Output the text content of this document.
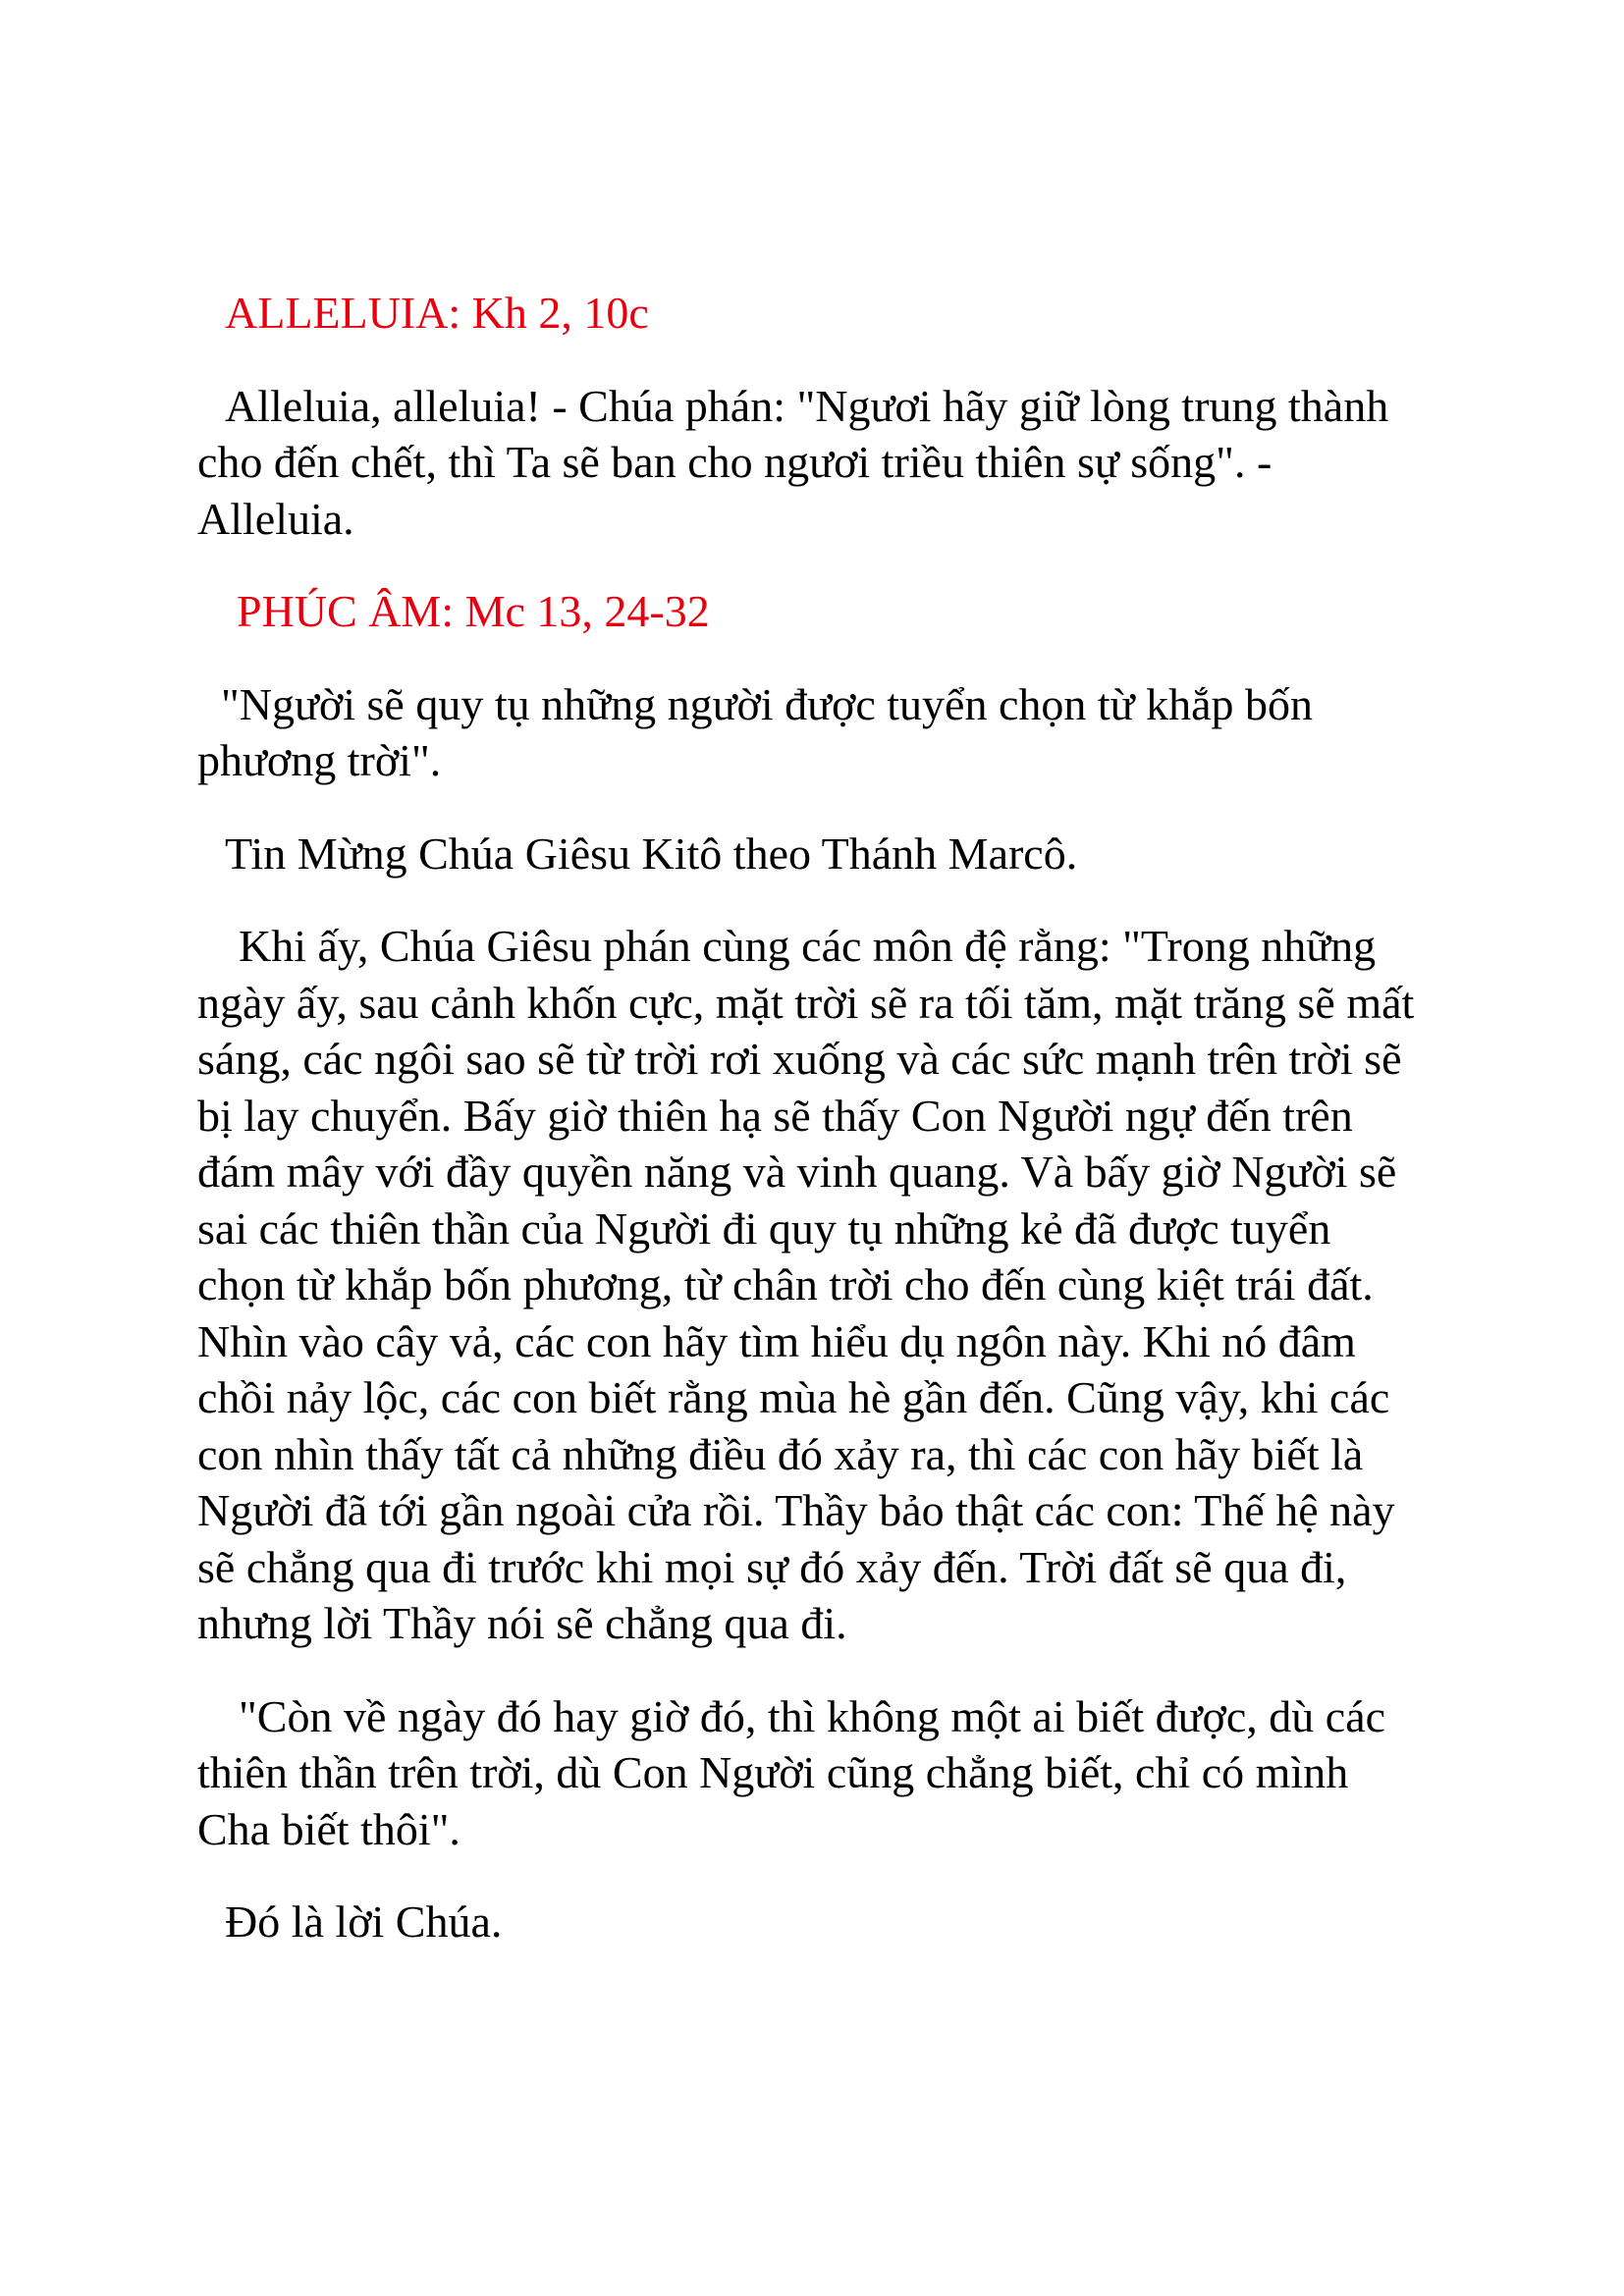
ALLELUIA: Kh 2, 10c

Alleluia, alleluia! - Chúa phán: "Ngươi hãy giữ lòng trung thành
cho đến chết, thì Ta sẽ ban cho ngươi triều thiên sự sống". -
Alleluia.

PHÚC ÂM: Mc 13, 24-32

"Người sẽ quy tụ những người được tuyển chọn từ khắp bốn
phương trời".

Tin Mừng Chúa Giêsu Kitô theo Thánh Marcô.

Khi ấy, Chúa Giêsu phán cùng các môn đệ rằng: "Trong những
ngày ấy, sau cảnh khốn cực, mặt trời sẽ ra tối tăm, mặt trăng sẽ mất
sáng, các ngôi sao sẽ từ trời rơi xuống và các sức mạnh trên trời sẽ
bị lay chuyển. Bấy giờ thiên hạ sẽ thấy Con Người ngự đến trên
đám mây với đầy quyền năng và vinh quang. Và bấy giờ Người sẽ
sai các thiên thần của Người đi quy tụ những kẻ đã được tuyển
chọn từ khắp bốn phương, từ chân trời cho đến cùng kiệt trái đất.
Nhìn vào cây vả, các con hãy tìm hiểu dụ ngôn này. Khi nó đâm
chồi nảy lộc, các con biết rằng mùa hè gần đến. Cũng vậy, khi các
con nhìn thấy tất cả những điều đó xảy ra, thì các con hãy biết là
Người đã tới gần ngoài cửa rồi. Thầy bảo thật các con: Thế hệ này
sẽ chẳng qua đi trước khi mọi sự đó xảy đến. Trời đất sẽ qua đi,
nhưng lời Thầy nói sẽ chẳng qua đi.

"Còn về ngày đó hay giờ đó, thì không một ai biết được, dù các
thiên thần trên trời, dù Con Người cũng chẳng biết, chỉ có mình
Cha biết thôi".

Đó là lời Chúa.
